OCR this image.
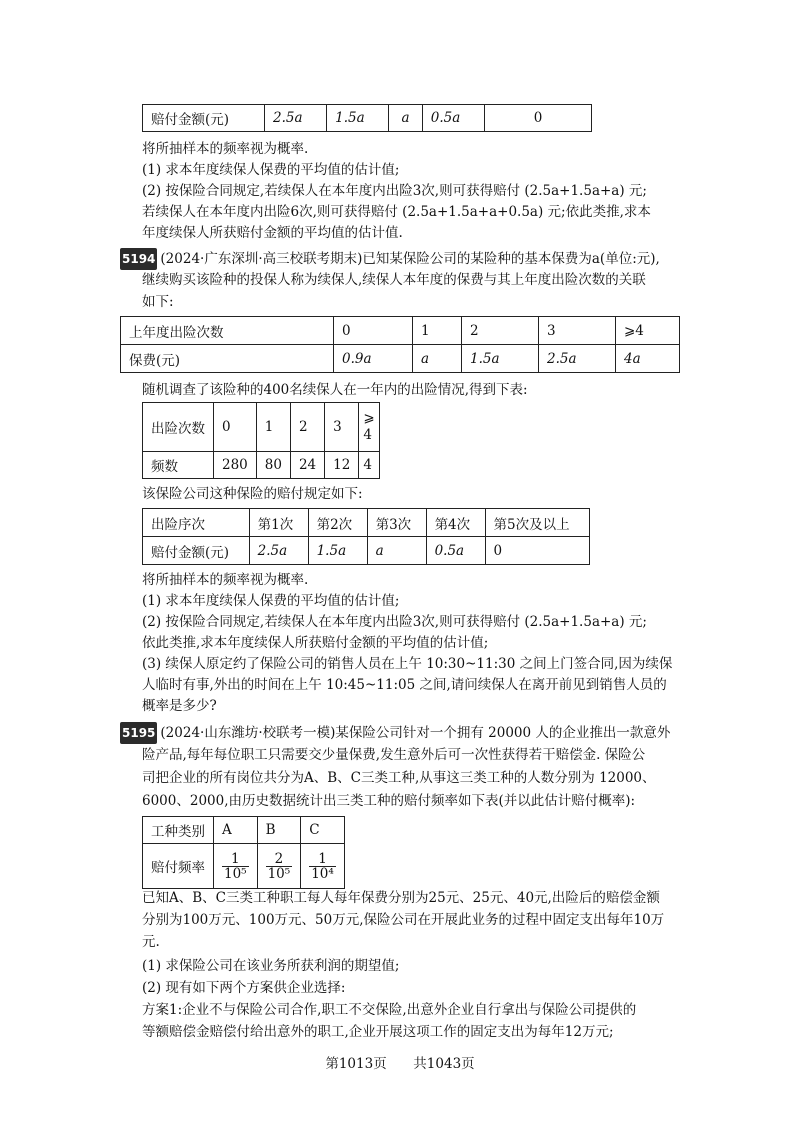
赔付金额(元)	2.5a	1.5a	a	0.5a	0
将所抽样本的频率视为概率.
(1) 求本年度续保人保费的平均值的估计值;
(2) 按保险合同规定,若续保人在本年度内出险3次,则可获得赔付 (2.5a+1.5a+a) 元;
若续保人在本年度内出险6次,则可获得赔付 (2.5a+1.5a+a+0.5a) 元;依此类推,求本
年度续保人所获赔付金额的平均值的估计值.
5194 (2024·广东深圳·高三校联考期末)已知某保险公司的某险种的基本保费为a(单位:元),
继续购买该险种的投保人称为续保人,续保人本年度的保费与其上年度出险次数的关联
如下:
上年度出险次数	0	1	2	3	⩾4
保费(元)	0.9a	a	1.5a	2.5a	4a
随机调查了该险种的400名续保人在一年内的出险情况,得到下表:
出险次数	0	1	2	3	⩾ 4
频数	280	80	24	12	4
该保险公司这种保险的赔付规定如下:
出险序次	第1次	第2次	第3次	第4次	第5次及以上
赔付金额(元)	2.5a	1.5a	a	0.5a	0
将所抽样本的频率视为概率.
(1) 求本年度续保人保费的平均值的估计值;
(2) 按保险合同规定,若续保人在本年度内出险3次,则可获得赔付 (2.5a+1.5a+a) 元;
依此类推,求本年度续保人所获赔付金额的平均值的估计值;
(3) 续保人原定约了保险公司的销售人员在上午 10:30~11:30 之间上门签合同,因为续保
人临时有事,外出的时间在上午 10:45~11:05 之间,请问续保人在离开前见到销售人员的
概率是多少?
5195 (2024·山东潍坊·校联考一模)某保险公司针对一个拥有 20000 人的企业推出一款意外
险产品,每年每位职工只需要交少量保费,发生意外后可一次性获得若干赔偿金. 保险公
司把企业的所有岗位共分为A、B、C三类工种,从事这三类工种的人数分别为 12000、
6000、2000,由历史数据统计出三类工种的赔付频率如下表(并以此估计赔付概率):
工种类别	A	B	C
赔付频率	$\frac{1}{\text{10⁵}}$	$\frac{2}{\text{10⁵}}$	$\frac{1}{\text{10⁴}}$
已知A、B、C三类工种职工每人每年保费分别为25元、25元、40元,出险后的赔偿金额
分别为100万元、100万元、50万元,保险公司在开展此业务的过程中固定支出每年10万
元.
(1) 求保险公司在该业务所获利润的期望值;
(2) 现有如下两个方案供企业选择:
方案1:企业不与保险公司合作,职工不交保险,出意外企业自行拿出与保险公司提供的
等额赔偿金赔偿付给出意外的职工,企业开展这项工作的固定支出为每年12万元;
第1013页 共1043页
